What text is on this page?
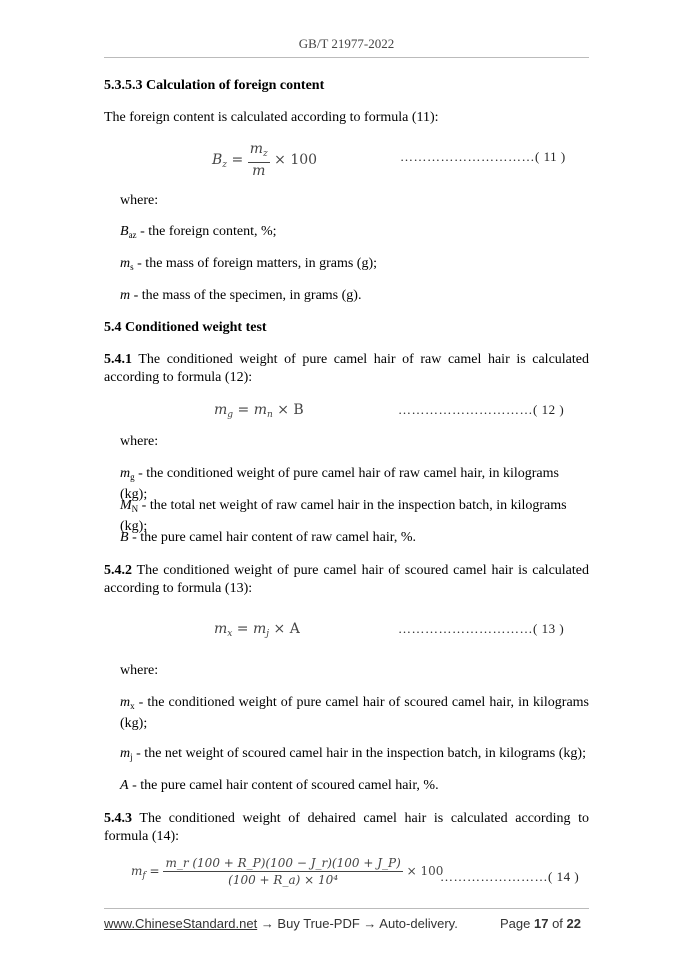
GB/T 21977-2022
5.3.5.3 Calculation of foreign content
The foreign content is calculated according to formula (11):
$B_z = \frac{m_z}{m} \times 100$	…………………………( 11 )
where:
$B_{az}$ - the foreign content, %;
$m_s$ - the mass of foreign matters, in grams (g);
m - the mass of the specimen, in grams (g).
5.4 Conditioned weight test
5.4.1 The conditioned weight of pure camel hair of raw camel hair is calculated according to formula (12):
$m_g = m_n \times B$	…………………………( 12 )
where:
$m_g$ - the conditioned weight of pure camel hair of raw camel hair, in kilograms (kg);
$M_N$ - the total net weight of raw camel hair in the inspection batch, in kilograms (kg);
B - the pure camel hair content of raw camel hair, %.
5.4.2 The conditioned weight of pure camel hair of scoured camel hair is calculated according to formula (13):
$m_x = m_j \times A$	…………………………( 13 )
where:
$m_x$ - the conditioned weight of pure camel hair of scoured camel hair, in kilograms (kg);
$m_j$ - the net weight of scoured camel hair in the inspection batch, in kilograms (kg);
A - the pure camel hair content of scoured camel hair, %.
5.4.3 The conditioned weight of dehaired camel hair is calculated according to formula (14):
$m_f = \frac{m\_r (100 + R\_P)(100 - J\_r)(100 + J\_P)}{\text{(100 + R\_a) × 10⁴}} \times 100$
……………………( 14 )
www.ChineseStandard.net → Buy True-PDF → Auto-delivery.	Page 17 of 22
